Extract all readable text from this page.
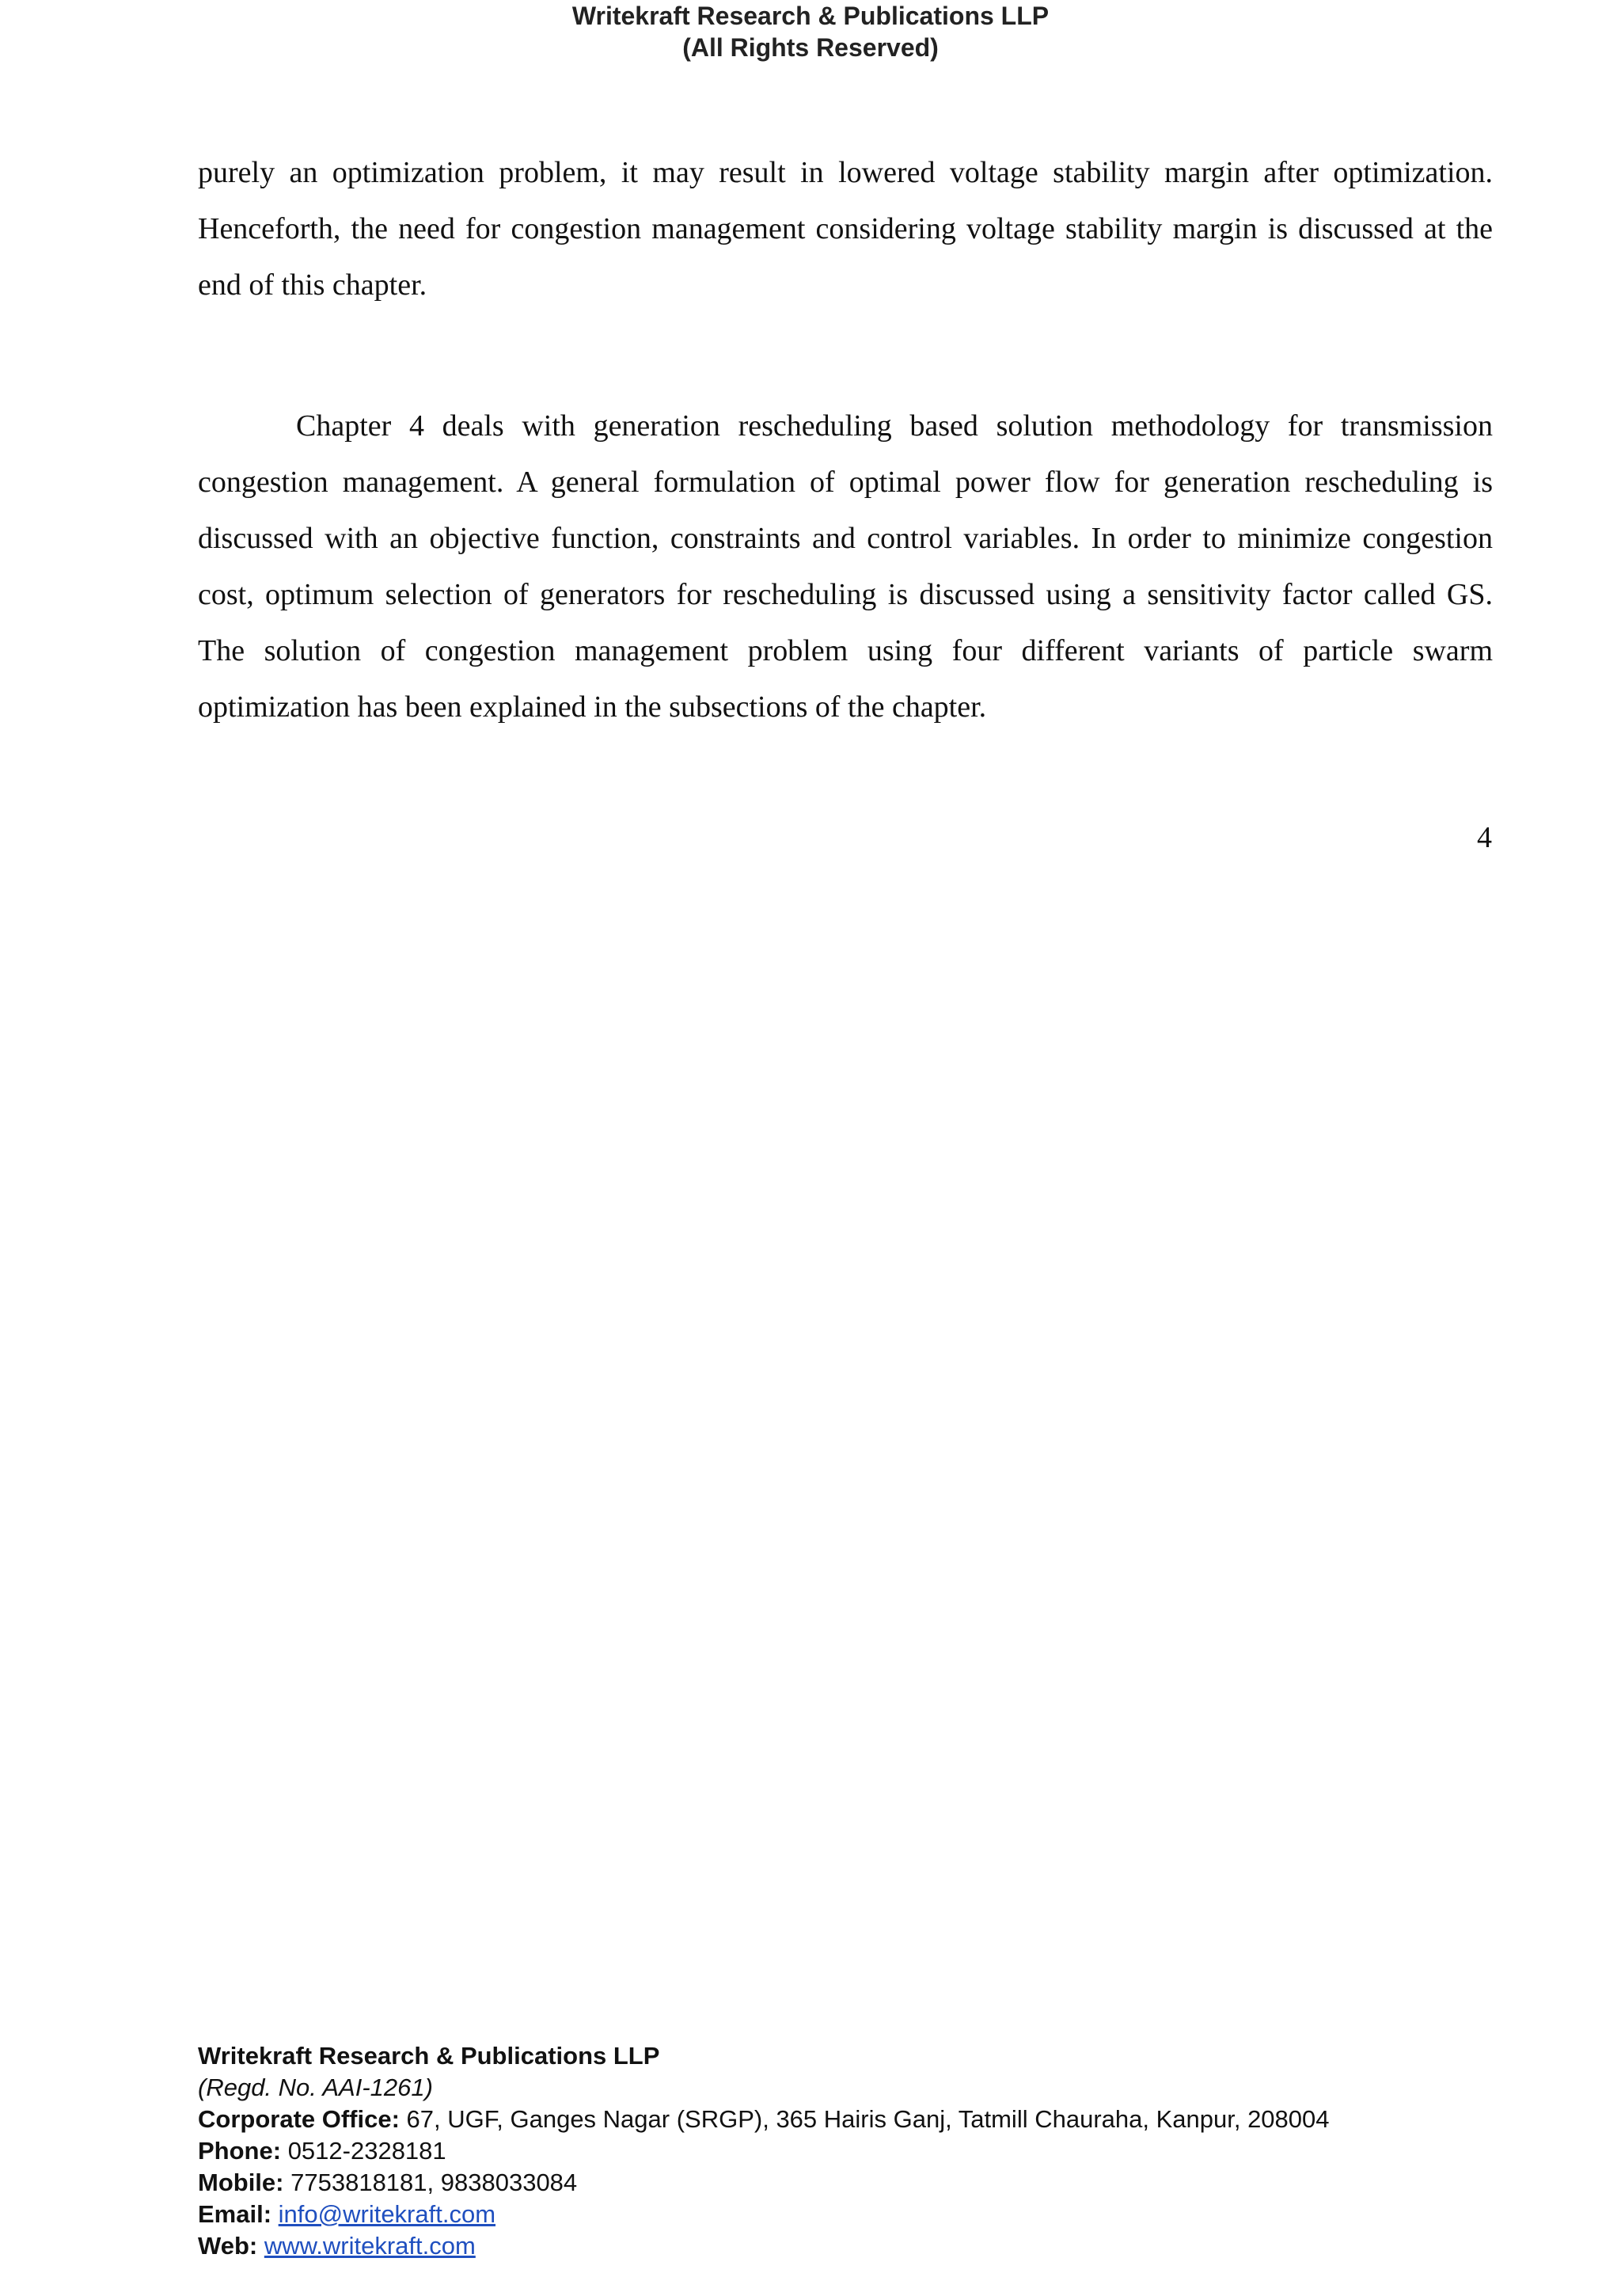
Writekraft Research & Publications LLP
(All Rights Reserved)

purely an optimization problem, it may result in lowered voltage stability margin after optimization. Henceforth, the need for congestion management considering voltage stability margin is discussed at the end of this chapter.

Chapter 4 deals with generation rescheduling based solution methodology for transmission congestion management. A general formulation of optimal power flow for generation rescheduling is discussed with an objective function, constraints and control variables. In order to minimize congestion cost, optimum selection of generators for rescheduling is discussed using a sensitivity factor called GS. The solution of congestion management problem using four different variants of particle swarm optimization has been explained in the subsections of the chapter.

4
Writekraft Research & Publications LLP
(Regd. No. AAI-1261)
Corporate Office: 67, UGF, Ganges Nagar (SRGP), 365 Hairis Ganj, Tatmill Chauraha, Kanpur, 208004
Phone: 0512-2328181
Mobile: 7753818181, 9838033084
Email: info@writekraft.com
Web: www.writekraft.com
